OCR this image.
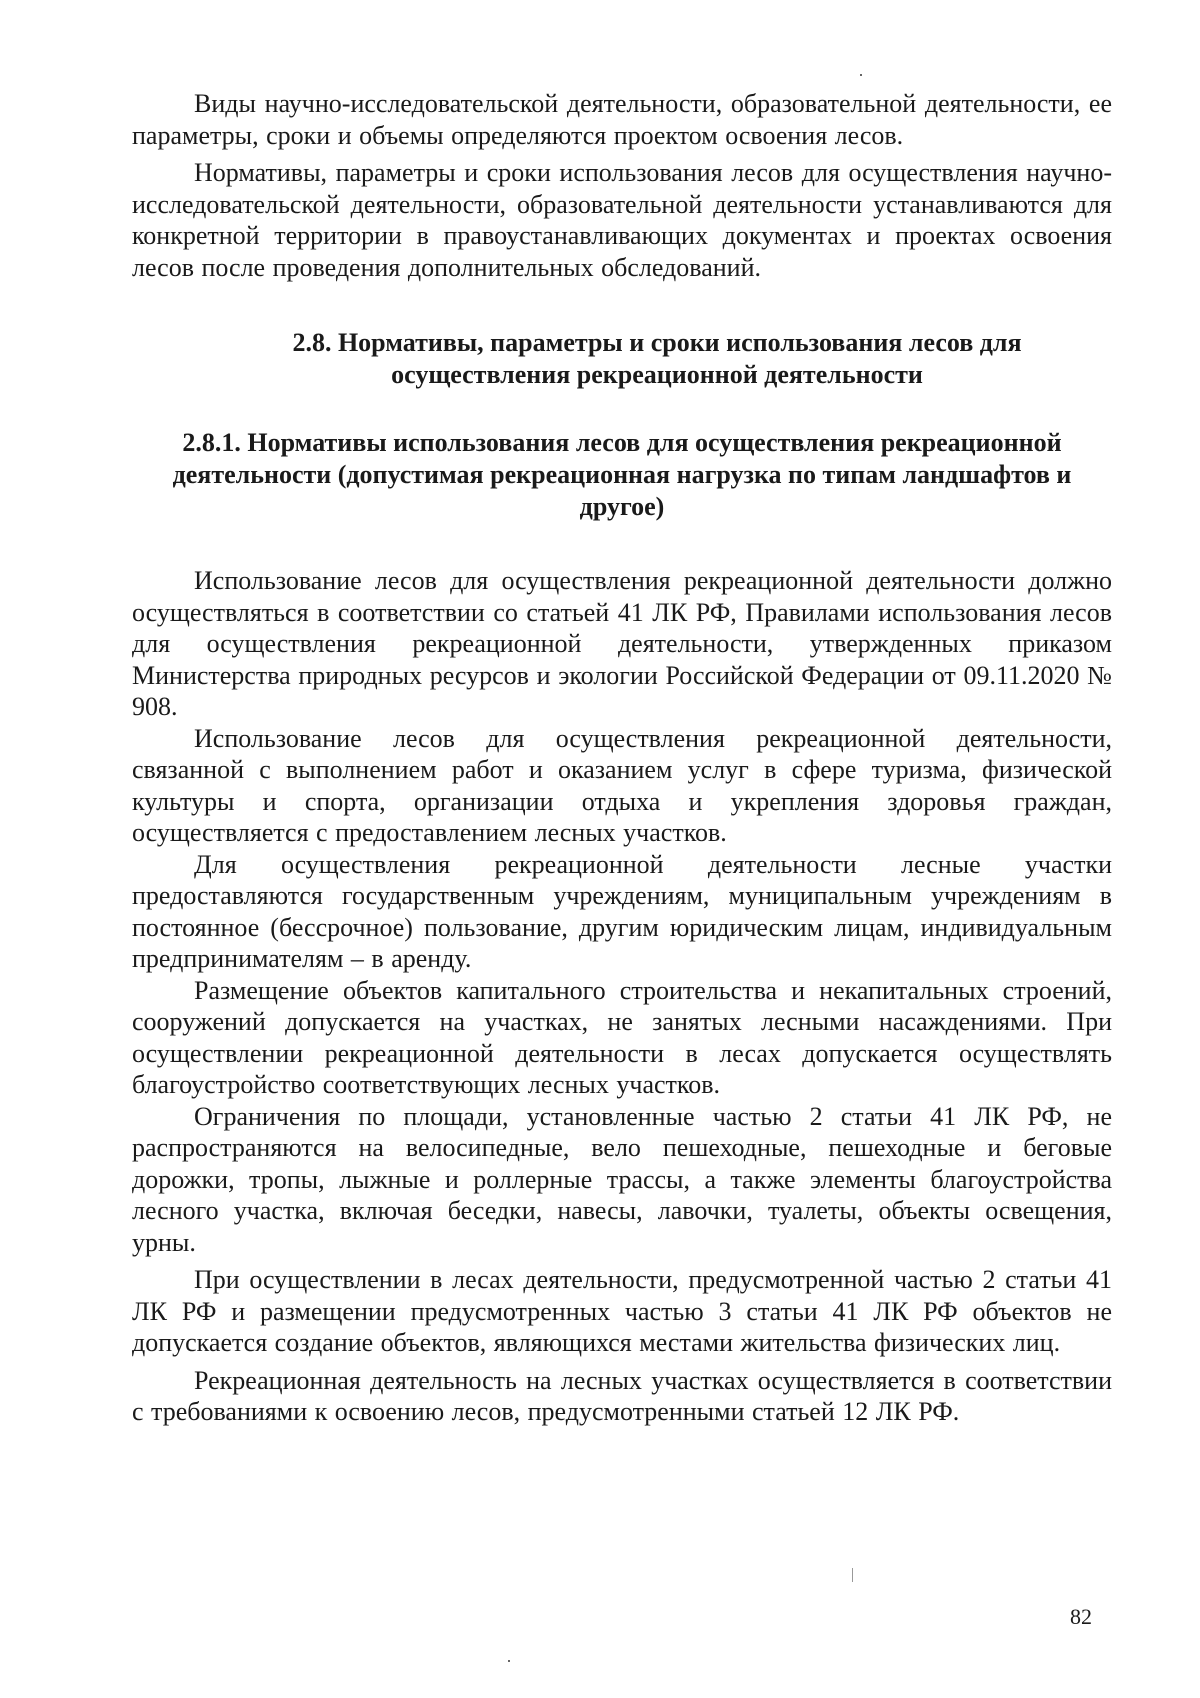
Виды научно-исследовательской деятельности, образовательной деятельности, ее параметры, сроки и объемы определяются проектом освоения лесов.

Нормативы, параметры и сроки использования лесов для осуществления научно-исследовательской деятельности, образовательной деятельности устанавливаются для конкретной территории в правоустанавливающих документах и проектах освоения лесов после проведения дополнительных обследований.

2.8. Нормативы, параметры и сроки использования лесов для осуществления рекреационной деятельности
2.8.1. Нормативы использования лесов для осуществления рекреационной деятельности (допустимая рекреационная нагрузка по типам ландшафтов и другое)

Использование лесов для осуществления рекреационной деятельности должно осуществляться в соответствии со статьей 41 ЛК РФ, Правилами использования лесов для осуществления рекреационной деятельности, утвержденных приказом Министерства природных ресурсов и экологии Российской Федерации от 09.11.2020 № 908.

Использование лесов для осуществления рекреационной деятельности, связанной с выполнением работ и оказанием услуг в сфере туризма, физической культуры и спорта, организации отдыха и укрепления здоровья граждан, осуществляется с предоставлением лесных участков.

Для осуществления рекреационной деятельности лесные участки предоставляются государственным учреждениям, муниципальным учреждениям в постоянное (бессрочное) пользование, другим юридическим лицам, индивидуальным предпринимателям – в аренду.

Размещение объектов капитального строительства и некапитальных строений, сооружений допускается на участках, не занятых лесными насаждениями. При осуществлении рекреационной деятельности в лесах допускается осуществлять благоустройство соответствующих лесных участков.

Ограничения по площади, установленные частью 2 статьи 41 ЛК РФ, не распространяются на велосипедные, вело пешеходные, пешеходные и беговые дорожки, тропы, лыжные и роллерные трассы, а также элементы благоустройства лесного участка, включая беседки, навесы, лавочки, туалеты, объекты освещения, урны.

При осуществлении в лесах деятельности, предусмотренной частью 2 статьи 41 ЛК РФ и размещении предусмотренных частью 3 статьи 41 ЛК РФ объектов не допускается создание объектов, являющихся местами жительства физических лиц.

Рекреационная деятельность на лесных участках осуществляется в соответствии с требованиями к освоению лесов, предусмотренными статьей 12 ЛК РФ.

82
